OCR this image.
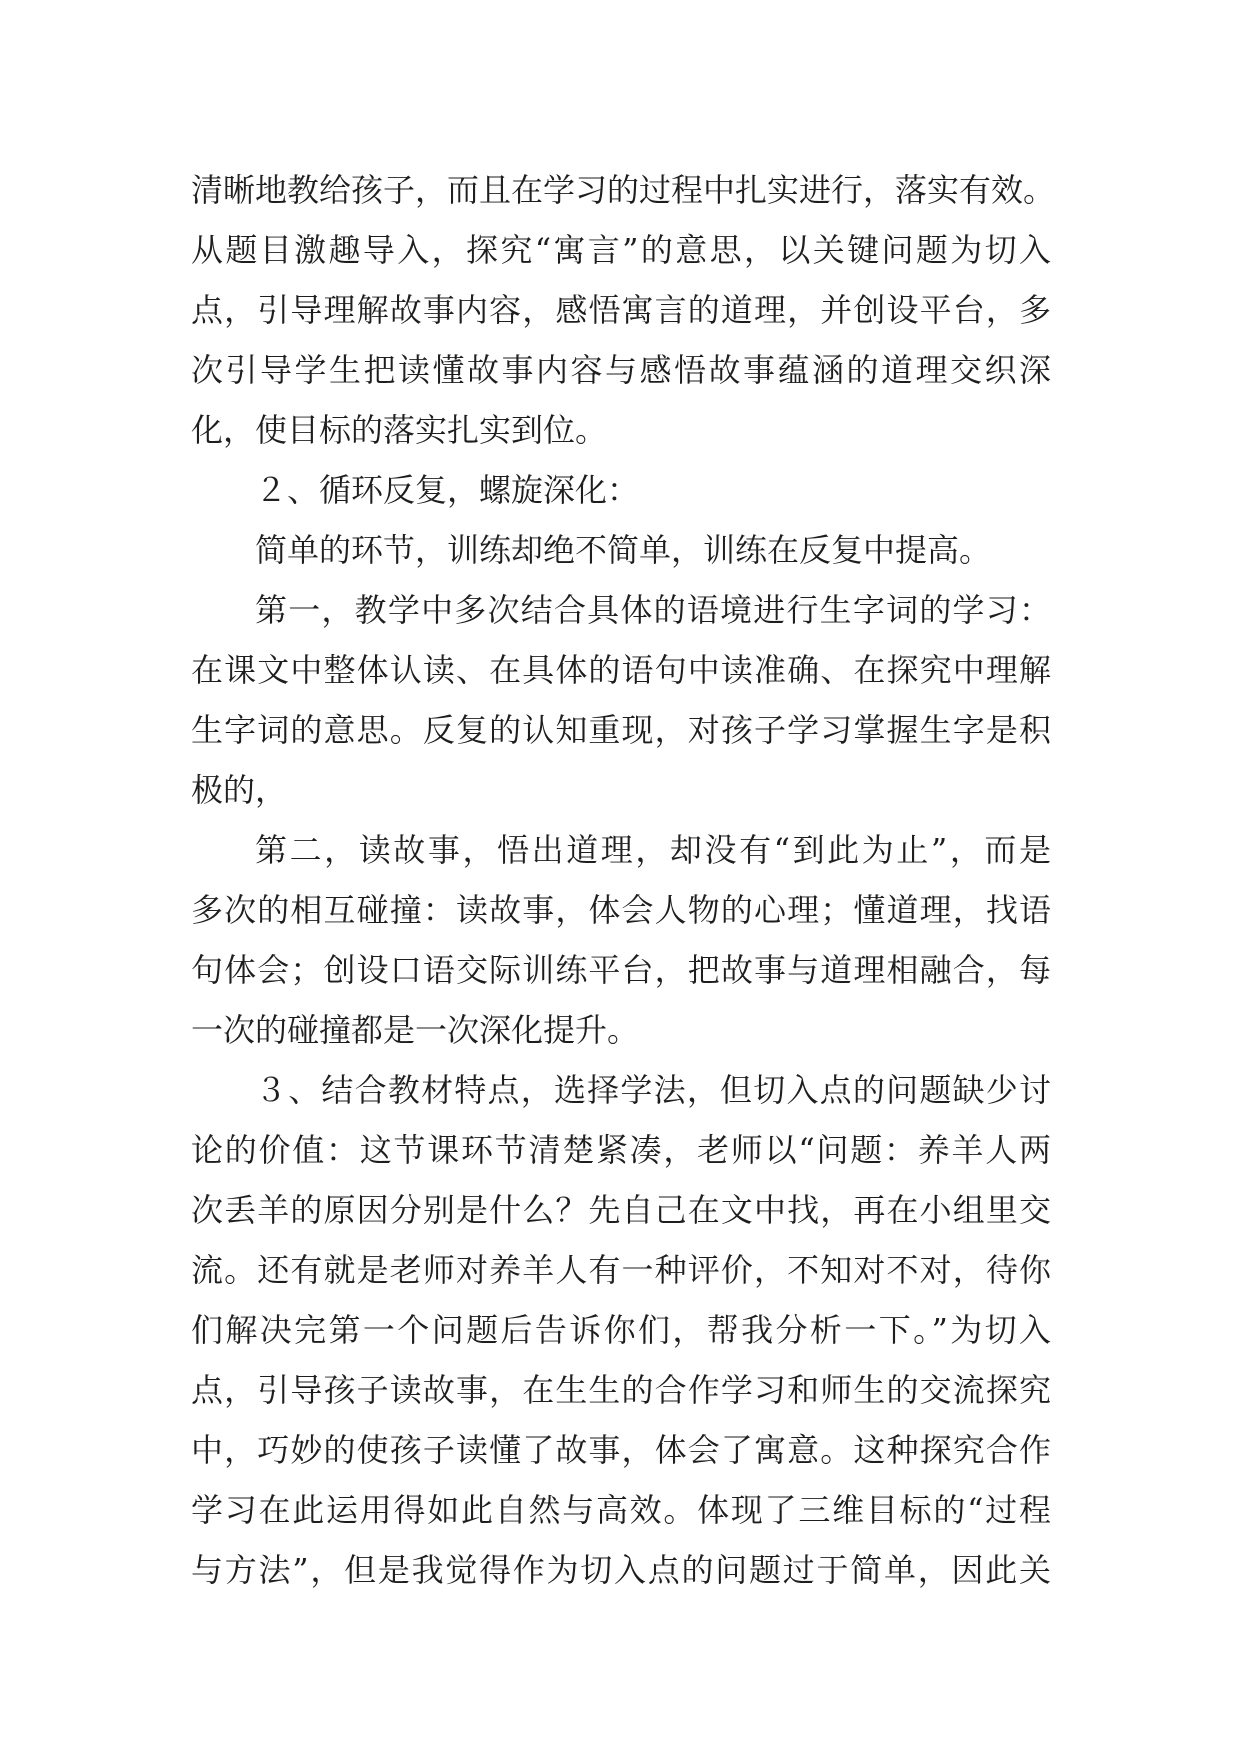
清晰地教给孩子，而且在学习的过程中扎实进行，落实有效。
从题目激趣导入，探究“寓言”的意思，以关键问题为切入
点，引导理解故事内容，感悟寓言的道理，并创设平台，多
次引导学生把读懂故事内容与感悟故事蕴涵的道理交织深
化，使目标的落实扎实到位。
２、循环反复，螺旋深化：
简单的环节，训练却绝不简单，训练在反复中提高。
第一，教学中多次结合具体的语境进行生字词的学习：
在课文中整体认读、在具体的语句中读准确、在探究中理解
生字词的意思。反复的认知重现，对孩子学习掌握生字是积
极的，
第二，读故事，悟出道理，却没有“到此为止”，而是
多次的相互碰撞：读故事，体会人物的心理；懂道理，找语
句体会；创设口语交际训练平台，把故事与道理相融合，每
一次的碰撞都是一次深化提升。
３、结合教材特点，选择学法，但切入点的问题缺少讨
论的价值：这节课环节清楚紧凑，老师以“问题：养羊人两
次丢羊的原因分别是什么？先自己在文中找，再在小组里交
流。还有就是老师对养羊人有一种评价，不知对不对，待你
们解决完第一个问题后告诉你们，帮我分析一下。”为切入
点，引导孩子读故事，在生生的合作学习和师生的交流探究
中，巧妙的使孩子读懂了故事，体会了寓意。这种探究合作
学习在此运用得如此自然与高效。体现了三维目标的“过程
与方法”，但是我觉得作为切入点的问题过于简单，因此关
